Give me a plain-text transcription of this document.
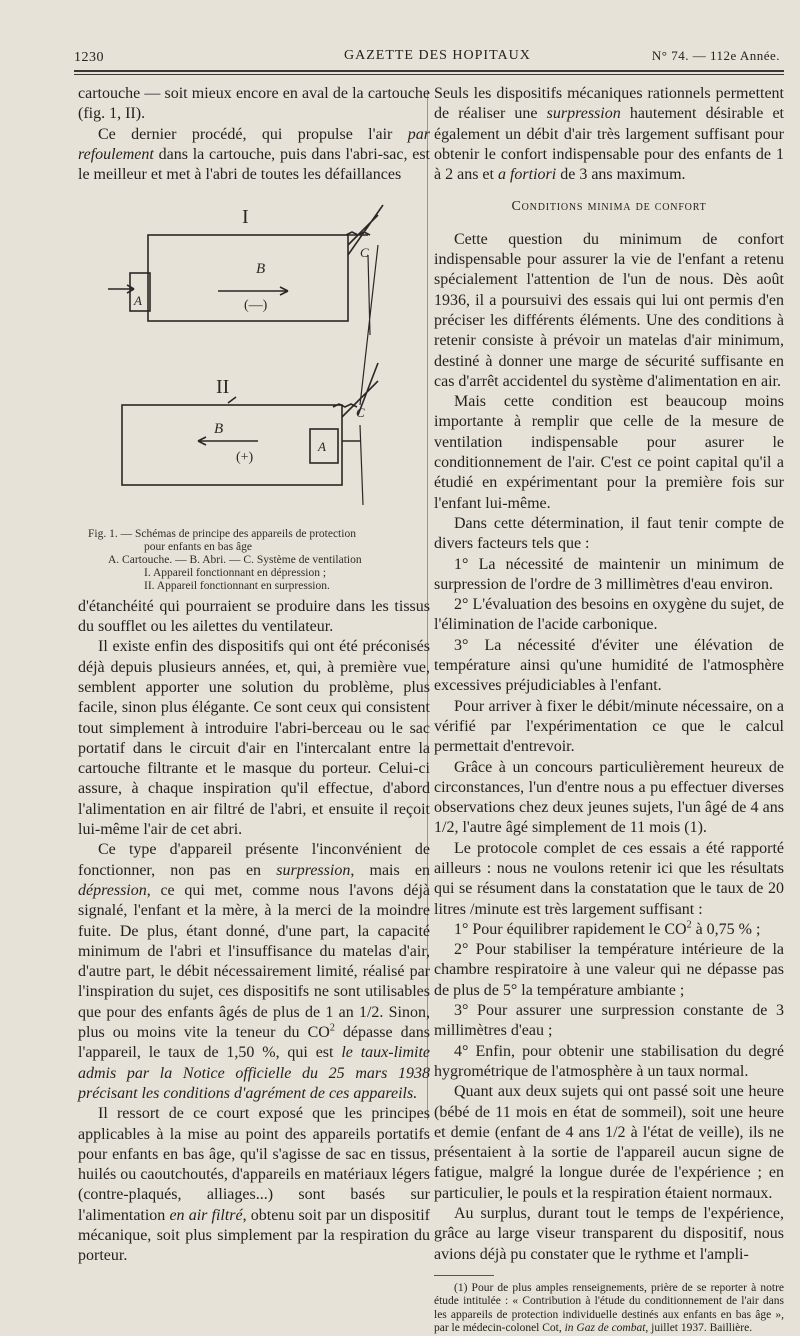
1230	GAZETTE DES HOPITAUX	N° 74. — 112e Année.

cartouche — soit mieux encore en aval de la cartouche (fig. 1, II).

Ce dernier procédé, qui propulse l'air par refoulement dans la cartouche, puis dans l'abri-sac, est le meilleur et met à l'abri de toutes les défaillances

I
B
C
A	(—)
II
B
C
A
(+)
Fig. 1. — Schémas de principe des appareils de protection
pour enfants en bas âge
A. Cartouche. — B. Abri. — C. Système de ventilation
I. Appareil fonctionnant en dépression ;
II. Appareil fonctionnant en surpression.

d'étanchéité qui pourraient se produire dans les tissus du soufflet ou les ailettes du ventilateur.

Il existe enfin des dispositifs qui ont été préconisés déjà depuis plusieurs années, et, qui, à première vue, semblent apporter une solution du problème, plus facile, sinon plus élégante. Ce sont ceux qui consistent tout simplement à introduire l'abri-berceau ou le sac portatif dans le circuit d'air en l'intercalant entre la cartouche filtrante et le masque du porteur. Celui-ci assure, à chaque inspiration qu'il effectue, d'abord l'alimentation en air filtré de l'abri, et ensuite il reçoit lui-même l'air de cet abri.

Ce type d'appareil présente l'inconvénient de fonctionner, non pas en surpression, mais en dépression, ce qui met, comme nous l'avons déjà signalé, l'enfant et la mère, à la merci de la moindre fuite. De plus, étant donné, d'une part, la capacité minimum de l'abri et l'insuffisance du matelas d'air, d'autre part, le débit nécessairement limité, réalisé par l'inspiration du sujet, ces dispositifs ne sont utilisables que pour des enfants âgés de plus de 1 an 1/2. Sinon, plus ou moins vite la teneur du $CO^2$ dépasse dans l'appareil, le taux de 1,50 %, qui est le taux-limite admis par la Notice officielle du 25 mars 1938 précisant les conditions d'agrément de ces appareils.

Il ressort de ce court exposé que les principes applicables à la mise au point des appareils portatifs pour enfants en bas âge, qu'il s'agisse de sac en tissus, huilés ou caoutchoutés, d'appareils en matériaux légers (contre-plaqués, alliages...) sont basés sur l'alimentation en air filtré, obtenu soit par un dispositif mécanique, soit plus simplement par la respiration du porteur.

Seuls les dispositifs mécaniques rationnels permettent de réaliser une surpression hautement désirable et également un débit d'air très largement suffisant pour obtenir le confort indispensable pour des enfants de 1 à 2 ans et a fortiori de 3 ans maximum.

Conditions minima de confort

Cette question du minimum de confort indispensable pour assurer la vie de l'enfant a retenu spécialement l'attention de l'un de nous. Dès août 1936, il a poursuivi des essais qui lui ont permis d'en préciser les différents éléments. Une des conditions à retenir consiste à prévoir un matelas d'air minimum, destiné à donner une marge de sécurité suffisante en cas d'arrêt accidentel du système d'alimentation en air.

Mais cette condition est beaucoup moins importante à remplir que celle de la mesure de ventilation indispensable pour asurer le conditionnement de l'air. C'est ce point capital qu'il a étudié en expérimentant pour la première fois sur l'enfant lui-même.

Dans cette détermination, il faut tenir compte de divers facteurs tels que :

1° La nécessité de maintenir un minimum de surpression de l'ordre de 3 millimètres d'eau environ.

2° L'évaluation des besoins en oxygène du sujet, de l'élimination de l'acide carbonique.

3° La nécessité d'éviter une élévation de température ainsi qu'une humidité de l'atmosphère excessives préjudiciables à l'enfant.

Pour arriver à fixer le débit/minute nécessaire, on a vérifié par l'expérimentation ce que le calcul permettait d'entrevoir.

Grâce à un concours particulièrement heureux de circonstances, l'un d'entre nous a pu effectuer diverses observations chez deux jeunes sujets, l'un âgé de 4 ans 1/2, l'autre âgé simplement de 11 mois (1).

Le protocole complet de ces essais a été rapporté ailleurs : nous ne voulons retenir ici que les résultats qui se résument dans la constatation que le taux de 20 litres /minute est très largement suffisant :

1° Pour équilibrer rapidement le $CO^2$ à 0,75 % ;

2° Pour stabiliser la température intérieure de la chambre respiratoire à une valeur qui ne dépasse pas de plus de 5° la température ambiante ;

3° Pour assurer une surpression constante de 3 millimètres d'eau ;

4° Enfin, pour obtenir une stabilisation du degré hygrométrique de l'atmosphère à un taux normal.

Quant aux deux sujets qui ont passé soit une heure (bébé de 11 mois en état de sommeil), soit une heure et demie (enfant de 4 ans 1/2 à l'état de veille), ils ne présentaient à la sortie de l'appareil aucun signe de fatigue, malgré la longue durée de l'expérience ; en particulier, le pouls et la respiration étaient normaux.

Au surplus, durant tout le temps de l'expérience, grâce au large viseur transparent du dispositif, nous avions déjà pu constater que le rythme et l'ampli-

(1) Pour de plus amples renseignements, prière de se reporter à notre étude intitulée : « Contribution à l'étude du conditionnement de l'air dans les appareils de protection individuelle destinés aux enfants en bas âge », par le médecin-colonel Cot, in Gaz de combat, juillet 1937. Baillière.
